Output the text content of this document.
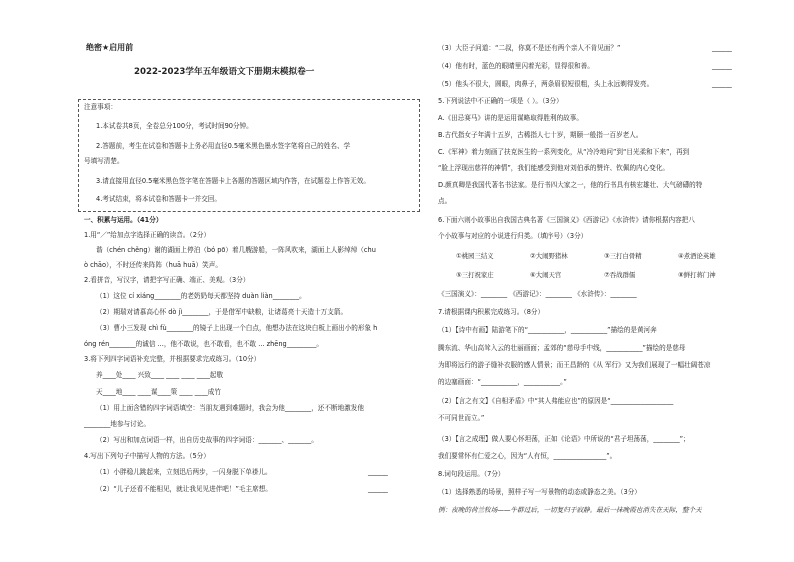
绝密★启用前
2022-2023学年五年级语文下册期末模拟卷一
注意事项：
1.本试卷共8页，全卷总分100分，考试时间90分钟。
2.答题前，考生在试卷和答题卡上务必用直径0.5毫米黑色墨水签字笔将自己的姓名、学
号填写清楚。
3.请直接用直径0.5毫米黑色签字笔在答题卡上各题的答题区域内作答，在试题卷上作答无效。
4.考试结束，将本试卷和答题卡一并交回。
一、积累与运用。（41分）
1.用“／”给加点字选择正确的读音。（2分）
谐（chén chěng）谢的湖面上停泊（bó pō）着几艘游船，一阵风吹来，湖面上人影绰绰（chu
ò chāo），不时还传来阵阵（huā huā）笑声。
2.看拼音，写汉字，请把字写正确、端正、美观。（3分）
（1）这位 cí xiáng________的老奶奶每天都坚持 duàn liàn________。
（2）期瑞对请慕高心怀 dò jì________，于是借军中缺粮，让诸葛亮十天造十万支箭。
（3）曹小三发现 chì fù________的镜子上出现一个白点，他想办法在这块白板上画出小的形象 h
óng rén________的诚信 ...，他不敢说，也不敢看，也不敢 ... zhēng_________。
3.将下列四字词语补充完整，并根据要求完成练习。（10分）
养____处____ 兴致____ ____ ____ ____起敬
天____地____ ____谋____策 ____ ____成竹
（1）用上面含错的四字词语填空：当朋友遇到难题时，我会为他________，还不断地激发他
________地参与讨论。
（2）写出和加点词语一样，出自历史故事的四字词语：_______、_______。
4.写出下列句子中描写人物的方法。（5分）
（1）小胖稳儿跳起来，立刻迅后两步，一闪身脱下单褂儿。	______
（2）“儿子还看不能相见，就让我见见进伴吧！”毛主席想。	______
（3）大臣子问道：“二叔，你莫不是还有两个亲人不肯见面？”	______
（4）他有时，蓝色的眼睛里闪着光彩，显得很和善。	______
（5）他头不很大，圆眼，肉鼻子，两条眉很短很粗，头上永远剃得发亮。	______
5.下列说法中不正确的一项是（ ）。（3分）
A.《田忌赛马》讲的是运用谋略取得胜利的故事。
B.古代指女子年满十五岁，古稀指人七十岁，期颐一般指一百岁老人。
C.《军神》着力刻画了扶克医生的一系列变化，从“冷冷地问”到“目光柔和下来”，再到
“脸上浮现出慈祥的神情”，我们能感受到他对刘伯承的赞许、钦佩的内心变化。
D.颜真卿是我国代著名书法家。是行书四大家之一，他的行书具有核宏雄壮、大气磅礴的特
点。
6.下面六则小故事出自我国古典名著《三国演义》《西游记》《水浒传》请你根据内容把八
个小故事与对应的小说进行归类。（填序号）（3分）
①桃园三结义	②大闹野猪林	③三打白骨精	④煮酒论英雄
⑤三打祝家庄	⑥大闹天宫	⑦吞战群儒	⑧鲜打蒋门神
《三国演义》：________ 《西游记》：________ 《水浒传》：________
7.请根据课内积累完成练习。（8分）
（1）【诗中有画】陆游笔下的“___________，___________”描绘的是黄河奔
腾东流、华山高耸入云的壮丽画面；孟郊的“慈母手中线，___________”描绘的是慈母
为即将远行的游子缝补衣服的感人情景；而王昌龄的《从 军行》又为我们展现了一幅壮阔苍凉
的边塞画面：“___________，___________。”
（2）【言之有文】《自相矛盾》中“其人弗能应也”的原因是“___________________
不可同世而立。”
（3）【言之成理】做人要心怀坦荡，正如《论语》中所说的“君子坦荡荡，________”；
我们要常怀有仁爱之心，因为“人有恒，________________”。
8.词句段运用。（7分）
（1）选择熟悉的场景，照样子写一写景物的动态或静态之美。（3分）
例：夜晚的荷兰牧场——牛群过后，一切复归于寂静。最后一抹晚霞也消失在天际，整个天
